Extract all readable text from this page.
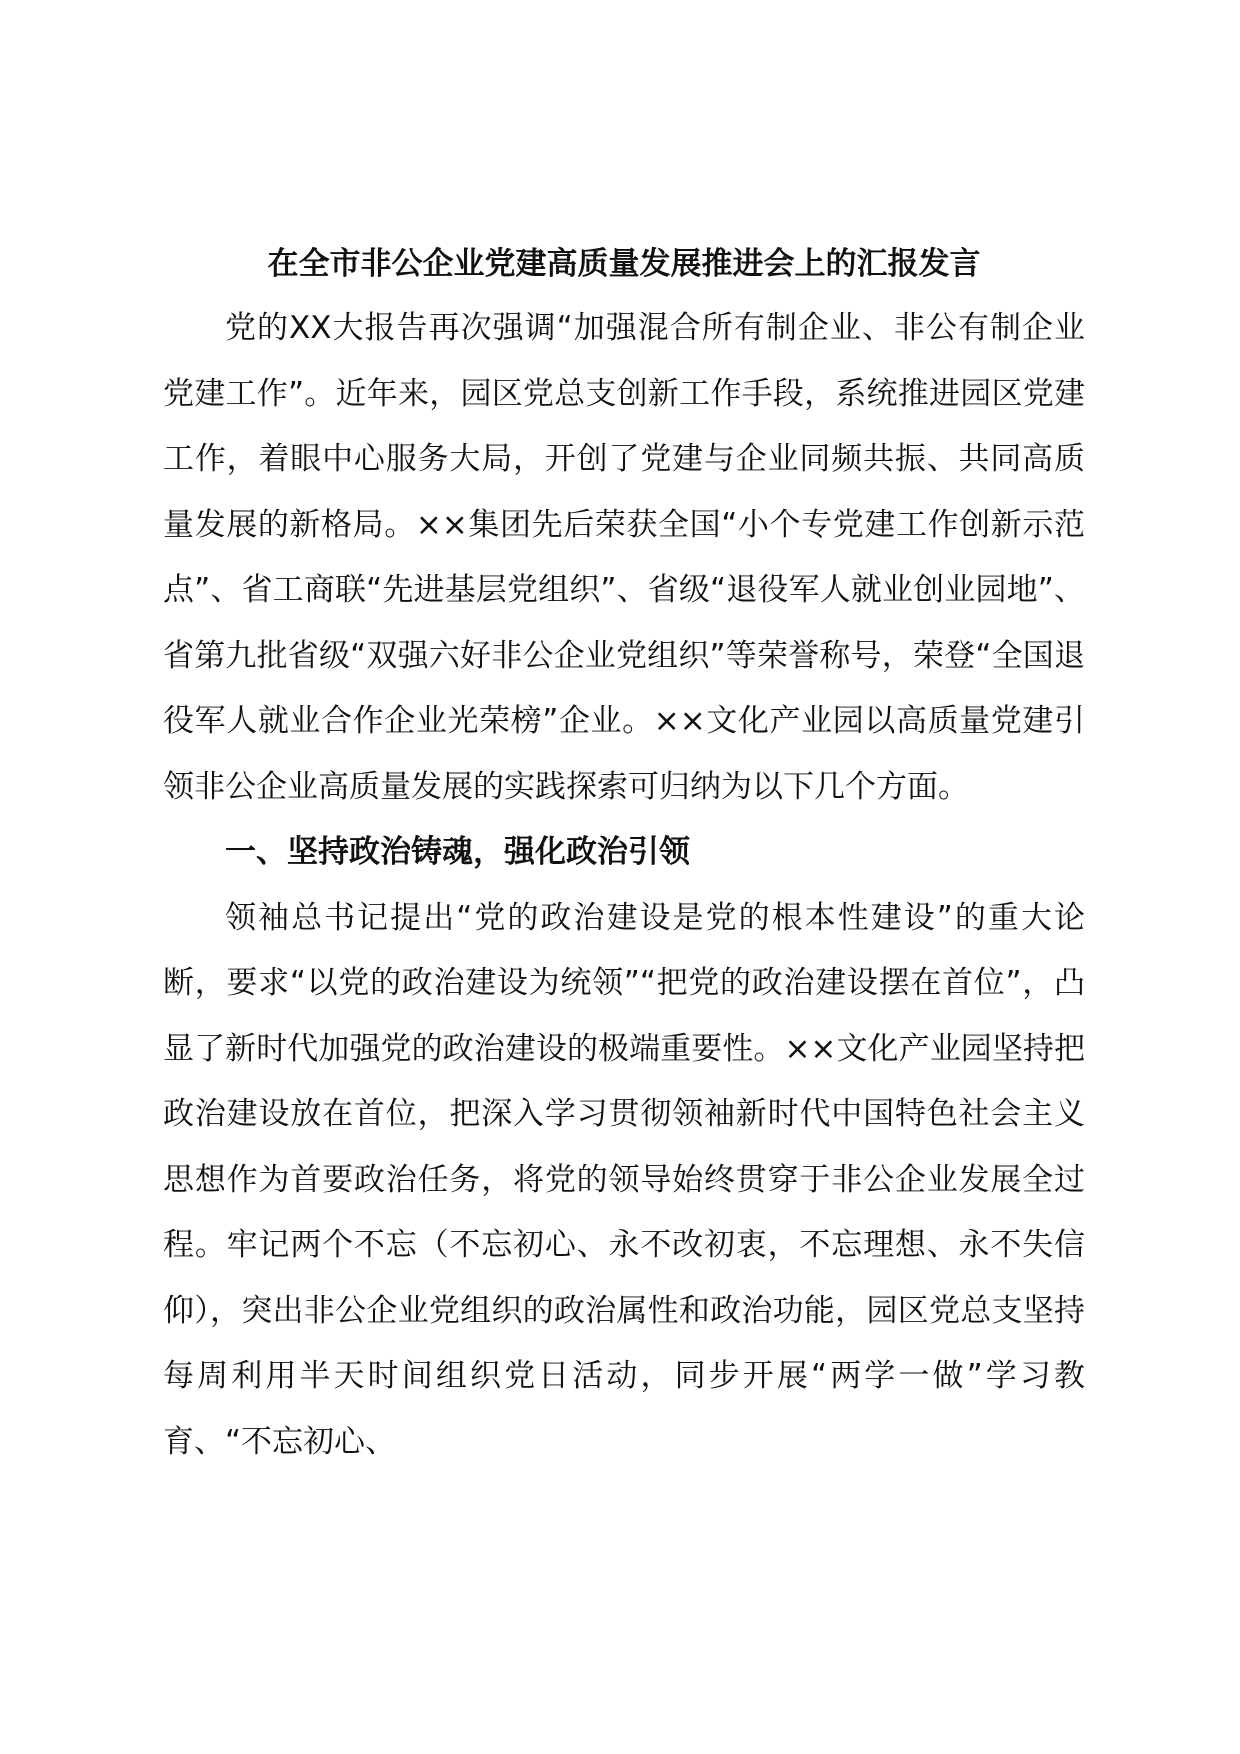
在全市非公企业党建高质量发展推进会上的汇报发言

党的XX大报告再次强调“加强混合所有制企业、非公有制企业党建工作”。近年来，园区党总支创新工作手段，系统推进园区党建工作，着眼中心服务大局，开创了党建与企业同频共振、共同高质量发展的新格局。××集团先后荣获全国“小个专党建工作创新示范点”、省工商联“先进基层党组织”、省级“退役军人就业创业园地”、省第九批省级“双强六好非公企业党组织”等荣誉称号，荣登“全国退役军人就业合作企业光荣榜”企业。××文化产业园以高质量党建引领非公企业高质量发展的实践探索可归纳为以下几个方面。

一、坚持政治铸魂，强化政治引领

领袖总书记提出“党的政治建设是党的根本性建设”的重大论断，要求“以党的政治建设为统领”“把党的政治建设摆在首位”，凸显了新时代加强党的政治建设的极端重要性。××文化产业园坚持把政治建设放在首位，把深入学习贯彻领袖新时代中国特色社会主义思想作为首要政治任务，将党的领导始终贯穿于非公企业发展全过程。牢记两个不忘（不忘初心、永不改初衷，不忘理想、永不失信仰），突出非公企业党组织的政治属性和政治功能，园区党总支坚持每周利用半天时间组织党日活动，同步开展“两学一做”学习教育、“不忘初心、
